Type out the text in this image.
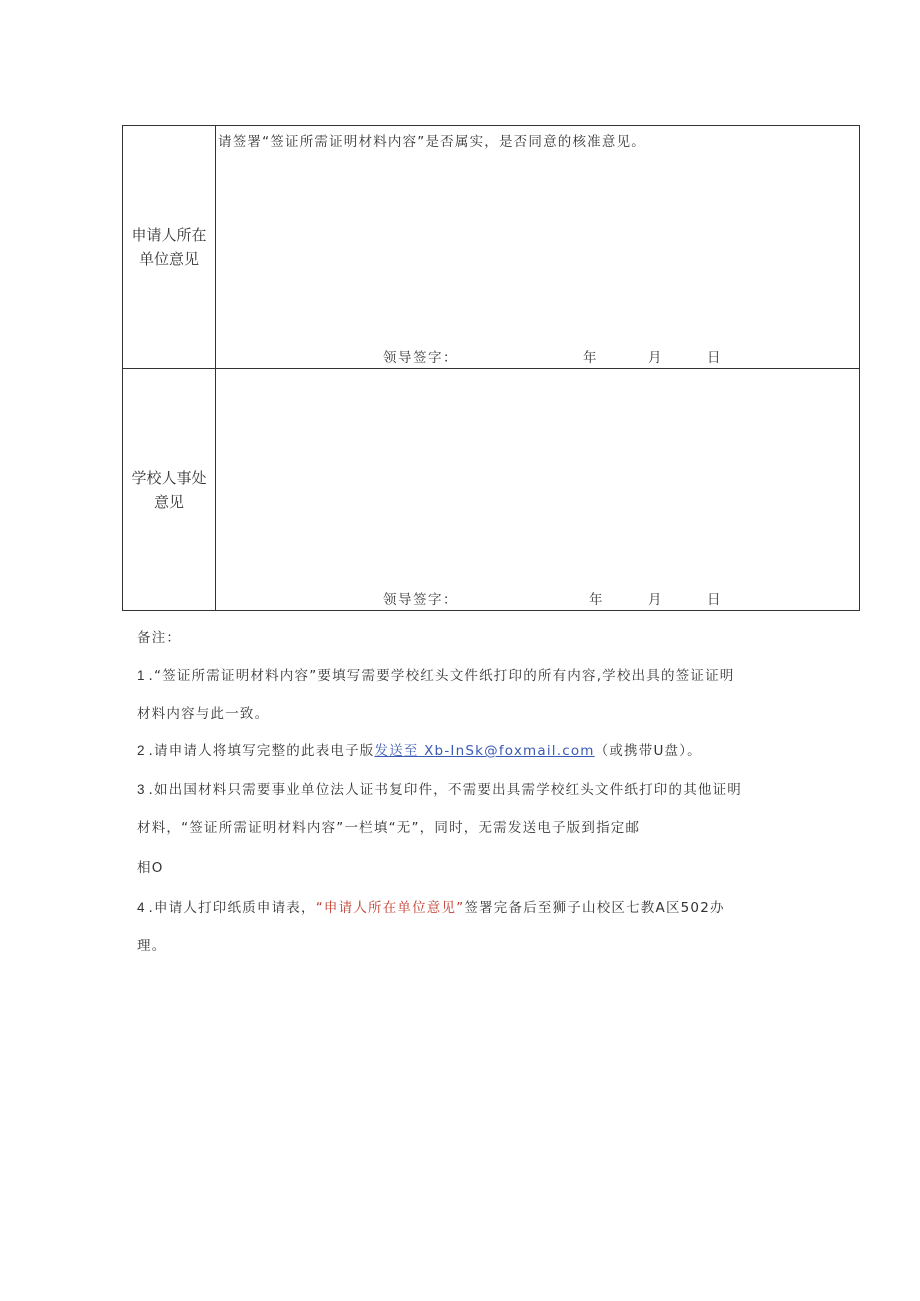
申请人所在
单位意见
请签署“签证所需证明材料内容”是否属实，是否同意的核准意见。
领导签字：	年	月	日
学校人事处
意见
领导签字：	年	月	日
备注：
1 .“签证所需证明材料内容”要填写需要学校红头文件纸打印的所有内容,学校出具的签证证明
材料内容与此一致。
2 .请申请人将填写完整的此表电子版发送至 Xb-InSk@foxmail.com（或携带U盘）。
3 .如出国材料只需要事业单位法人证书复印件，不需要出具需学校红头文件纸打印的其他证明
材料，“签证所需证明材料内容”一栏填“无”，同时，无需发送电子版到指定邮
相O
4 .申请人打印纸质申请表，“申请人所在单位意见”签署完备后至狮子山校区七教A区502办
理。
